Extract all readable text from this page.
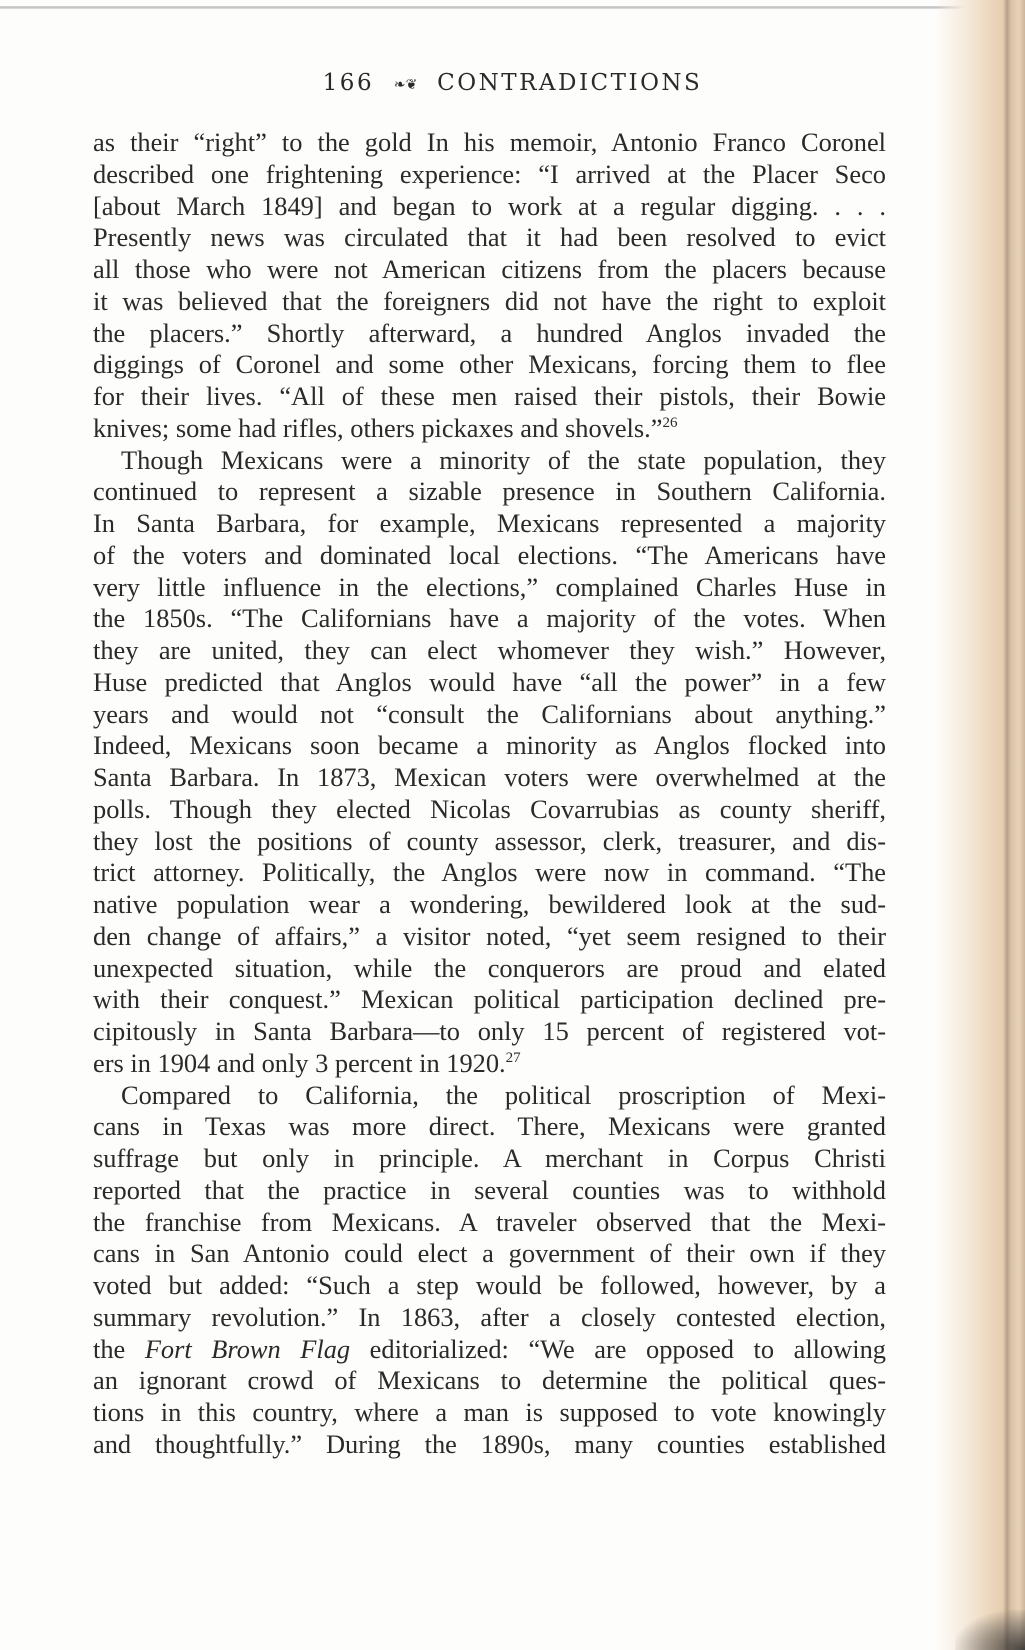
166 ❧❦ CONTRADICTIONS
as their “right” to the gold In his memoir, Antonio Franco Coronel
described one frightening experience: “I arrived at the Placer Seco
[about March 1849] and began to work at a regular digging. . . .
Presently news was circulated that it had been resolved to evict
all those who were not American citizens from the placers because
it was believed that the foreigners did not have the right to exploit
the placers.” Shortly afterward, a hundred Anglos invaded the
diggings of Coronel and some other Mexicans, forcing them to flee
for their lives. “All of these men raised their pistols, their Bowie
knives; some had rifles, others pickaxes and shovels.”$^{26}$
Though Mexicans were a minority of the state population, they
continued to represent a sizable presence in Southern California.
In Santa Barbara, for example, Mexicans represented a majority
of the voters and dominated local elections. “The Americans have
very little influence in the elections,” complained Charles Huse in
the 1850s. “The Californians have a majority of the votes. When
they are united, they can elect whomever they wish.” However,
Huse predicted that Anglos would have “all the power” in a few
years and would not “consult the Californians about anything.”
Indeed, Mexicans soon became a minority as Anglos flocked into
Santa Barbara. In 1873, Mexican voters were overwhelmed at the
polls. Though they elected Nicolas Covarrubias as county sheriff,
they lost the positions of county assessor, clerk, treasurer, and dis-
trict attorney. Politically, the Anglos were now in command. “The
native population wear a wondering, bewildered look at the sud-
den change of affairs,” a visitor noted, “yet seem resigned to their
unexpected situation, while the conquerors are proud and elated
with their conquest.” Mexican political participation declined pre-
cipitously in Santa Barbara—to only 15 percent of registered vot-
ers in 1904 and only 3 percent in 1920.27
Compared to California, the political proscription of Mexi-
cans in Texas was more direct. There, Mexicans were granted
suffrage but only in principle. A merchant in Corpus Christi
reported that the practice in several counties was to withhold
the franchise from Mexicans. A traveler observed that the Mexi-
cans in San Antonio could elect a government of their own if they
voted but added: “Such a step would be followed, however, by a
summary revolution.” In 1863, after a closely contested election,
the Fort Brown Flag editorialized: “We are opposed to allowing
an ignorant crowd of Mexicans to determine the political ques-
tions in this country, where a man is supposed to vote knowingly
and thoughtfully.” During the 1890s, many counties established
